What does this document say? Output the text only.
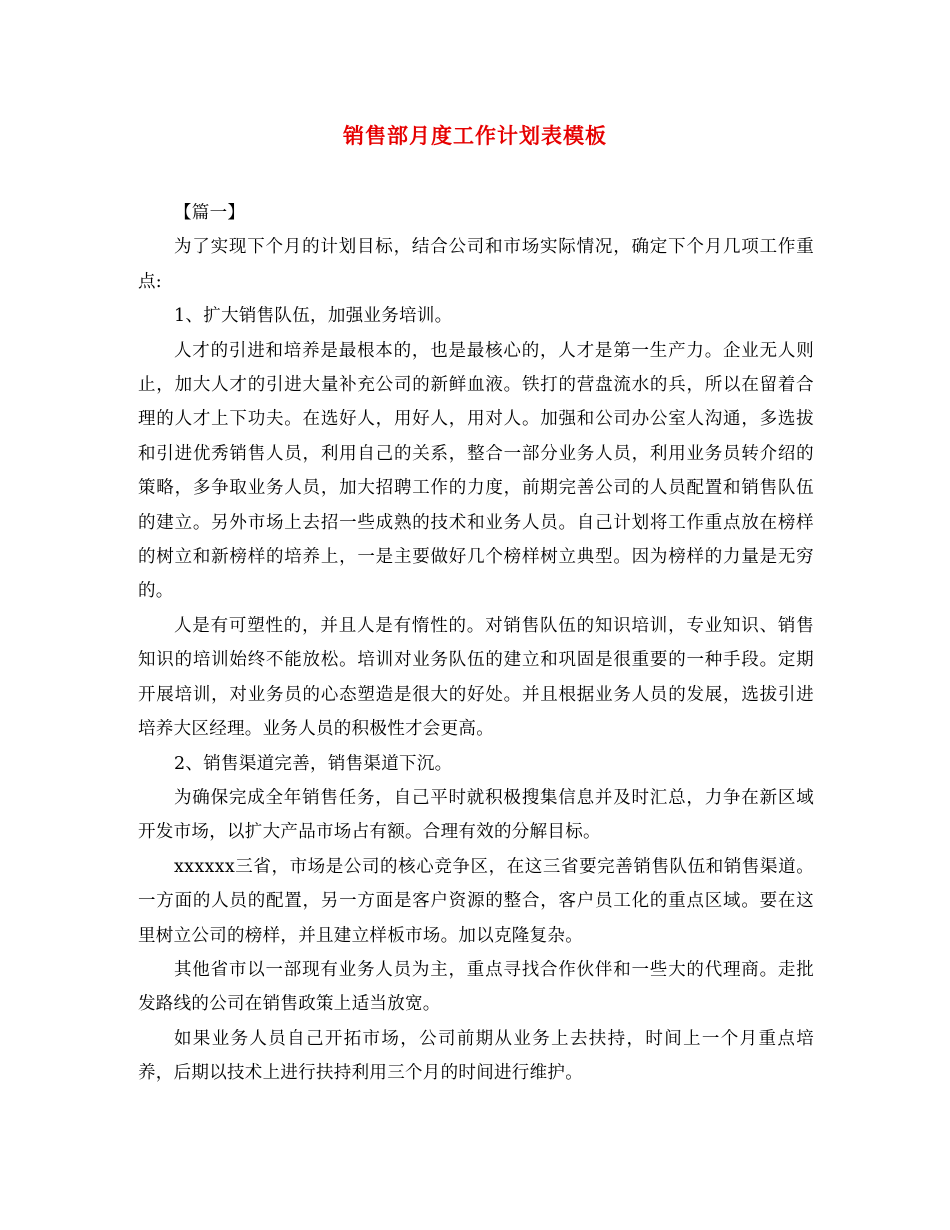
销售部月度工作计划表模板

【篇一】

为了实现下个月的计划目标，结合公司和市场实际情况，确定下个月几项工作重点:

1、扩大销售队伍，加强业务培训。

人才的引进和培养是最根本的，也是最核心的，人才是第一生产力。企业无人则止，加大人才的引进大量补充公司的新鲜血液。铁打的营盘流水的兵，所以在留着合理的人才上下功夫。在选好人，用好人，用对人。加强和公司办公室人沟通，多选拔和引进优秀销售人员，利用自己的关系，整合一部分业务人员，利用业务员转介绍的策略，多争取业务人员，加大招聘工作的力度，前期完善公司的人员配置和销售队伍的建立。另外市场上去招一些成熟的技术和业务人员。自己计划将工作重点放在榜样的树立和新榜样的培养上，一是主要做好几个榜样树立典型。因为榜样的力量是无穷的。

人是有可塑性的，并且人是有惰性的。对销售队伍的知识培训，专业知识、销售知识的培训始终不能放松。培训对业务队伍的建立和巩固是很重要的一种手段。定期开展培训，对业务员的心态塑造是很大的好处。并且根据业务人员的发展，选拔引进培养大区经理。业务人员的积极性才会更高。

2、销售渠道完善，销售渠道下沉。

为确保完成全年销售任务，自己平时就积极搜集信息并及时汇总，力争在新区域开发市场，以扩大产品市场占有额。合理有效的分解目标。

xxxxxx三省，市场是公司的核心竞争区，在这三省要完善销售队伍和销售渠道。一方面的人员的配置，另一方面是客户资源的整合，客户员工化的重点区域。要在这里树立公司的榜样，并且建立样板市场。加以克隆复杂。

其他省市以一部现有业务人员为主，重点寻找合作伙伴和一些大的代理商。走批发路线的公司在销售政策上适当放宽。

如果业务人员自己开拓市场，公司前期从业务上去扶持，时间上一个月重点培养，后期以技术上进行扶持利用三个月的时间进行维护。
